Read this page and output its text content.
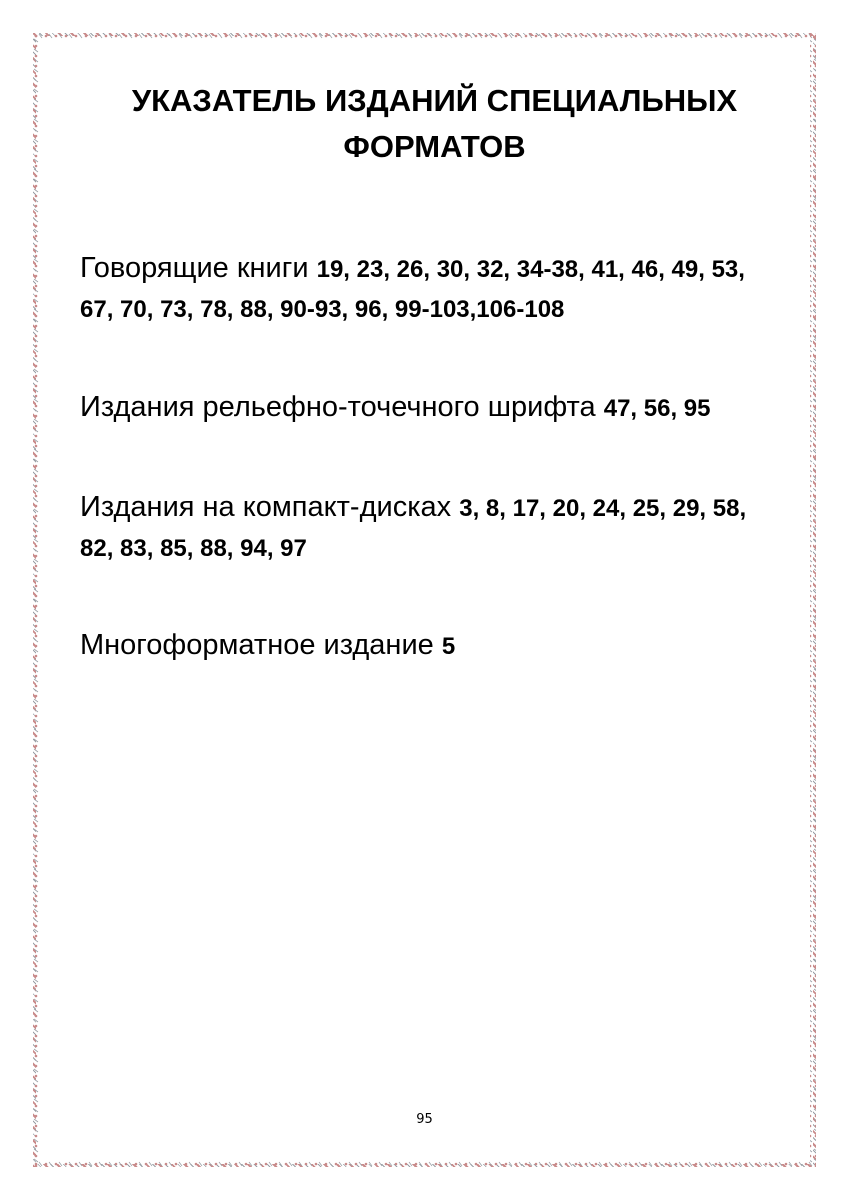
УКАЗАТЕЛЬ ИЗДАНИЙ СПЕЦИАЛЬНЫХ
ФОРМАТОВ

Говорящие книги 19, 23, 26, 30, 32, 34-38, 41, 46, 49, 53, 67, 70, 73, 78, 88, 90-93, 96, 99-103,106-108

Издания рельефно-точечного шрифта 47, 56, 95

Издания на компакт-дисках 3, 8, 17, 20, 24, 25, 29, 58, 82, 83, 85, 88, 94, 97

Многоформатное издание 5

95
